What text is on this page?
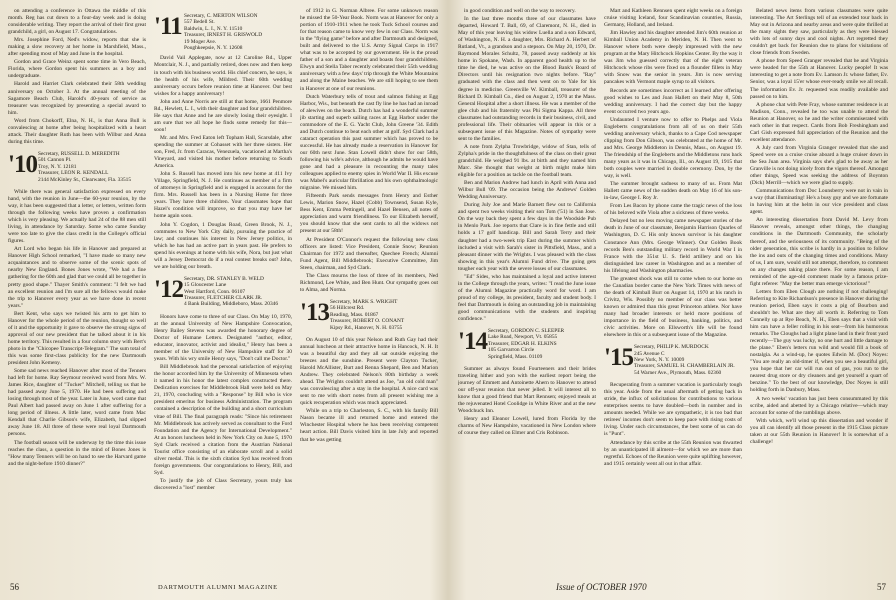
on attending a conference in Ottawa the middle of this month. Reg has cut down to a four-day week and is doing considerable writing. They report the arrival of their first great grandchild, a girl, on August 17. Congratulations.

Mrs. Josephine Ford, Ned's widow, reports that she is making a slow recovery at her home in Marshfield, Mass., after spending most of May and June in the hospital.

Gordon and Grace Weinz spent some time in Vero Beach, Florida, where Gordon spent his summers as a boy and undergraduate.

Harold and Harriet Clark celebrated their 58th wedding anniversary on October 3. At the annual meeting of the Sagamore Beach Club, Harold's 40-years of service as treasurer was recognized by presenting a special award to him.

Word from Chokorff, Elna, N. H., is that Anna Bull is convalescing at home after being hospitalized with a heart attack. Their daughter Ruth has been with Wilbur and Anna during this time.

'10 Secretary, RUSSELL D. MEREDITH
501 Cannon Pl.
Troy, N. Y. 12181
Treasurer, LEON R. KENDALL
2144 McKinley St., Clearwater, Fla. 33515

While there was general satisfaction expressed on every hand, with the reunion in June—the 60-year reunion, by the way, it has been suggested that a letter, or letters, written form through the following weeks have proven a confirmation which is very pleasing. We actually had 24 of the 88 men still living, in attendance by Saturday. Some who came Sunday were too late to give the class credit in the College's official figures.

Art Lord who began his life in Hanover and prepared at Hanover High School remarked, "I have made so many new acquaintances and to observe some of the scenic spots of nearby New England. Bones Jones wrote, "We had a fine gathering for the 60th and glad that we could all be together in pretty good shape." Thayer Smith's comment: "I felt we had an excellent reunion and I'm sure all the fellows would make the trip to Hanover every year as we have done in recent years."

Bert Kent, who says we twisted his arm to get him to Hanover for the whole period of the reunion, thought so well of it and the opportunity it gave to observe the strong signs of approval of our new president that he talked about it in his home territory. This resulted in a four column story with Bert's photo in the "Chicopee Transcript-Telegram." The sum total of this was some first-class publicity for the new Dartmouth president John Kemeny.

Some sad news reached Hanover after most of the Tenners had left for home. Ray Seymour received word from Mrs. W. James Rice, daughter of "Tucker" Mitchell, telling us that he had passed away June 5, 1970. He had been suffering and losing through most of the year. Later in June, word came that Paul Albert had passed away on June 1 after suffering for a long period of illness. A little later, word came from Mac Kendall that Charlie Gibson's wife, Elizabeth, had slipped away June 18. All three of these were real loyal Dartmouth persons.

The football season will be underway by the time this issue reaches the class, a question in the mind of Bones Jones is "How many Tenners will be on hand to see the Harvard game and the night-before 1910 dinner?"

'11 Secretary, C. MERTON WILSON
557 Bedell St.
Baldwin, L. I., N. Y. 11510
Treasurer, IRNEST H. GRISWOLD
19 Moger Ave.
Poughkeepsie, N. Y. 12608

David Vail Applegate, now at 12 Caroline Rd., Upper Montclair, N. J., and partially retired, does now and then keep in touch with his business world. His chief concern, he says, is the health of his wife, Mildred. Their 60th wedding anniversary occurs before reunion time at Hanover. Our best wishes for a happy anniversary!

John and Anne Norris are still at that home, 1661 Penmore Rd., Hewlett, L. I., with their daughter and four grandchildren. He says that Anne and he are slowly losing their eyesight. I am sure that we all hope he finds some remedy for this—soon!

Mr. and Mrs. Fred Eaton left Topham Hall, Scarsdale, after spending the summer at Cohasset with her three sisters. Her son, Fred, Jr. from Caracas, Venezuela, vacationed at Martha's Vineyard, and visited his mother before returning to South America.

John S. Russell has moved into his new home at 411 Ivy Village, Springfield, N. J. He continues as member of a firm of attorneys in Springfield and is engaged in accounts for the firm. Mrs. Russell has been in a Nursing Home for three years. They have three children. Your classmates hope that Hazel's condition will improve, so that you may have her home again soon.

John Y. Cogdon, 1 Douglas Road, Green Brook, N. J., commutes to New York City daily, pursuing the practice of law; and continues his interest in New Jersey politics, in which he has had an active part in years past. He prefers to spend his evenings at home with his wife, Nora, but just what will a Jersey Democrat do if a real contest breaks out? John, we are holding our breath.

'12 Secretary, DR. STANLEY B. WELD
15 Gloucester Lane
West Hartford, Conn. 06107
Treasurer, FLETCHER CLARK JR.
4 Bank Building, Middleboro, Mass. 20346

Honors have come to three of our Class. On May 10, 1970, at the annual University of New Hampshire Convocation, Henry Bailey Stevens was awarded the honorary degree of Doctor of Humane Letters. Designated "author, editor, educator, innovator, activist and idealist," Henry has been a member of the University of New Hampshire staff for 30 years. With his wry smile Henry says, "Don't call me Doctor."

Bill Middlebrook had the personal satisfaction of enjoying the honor accorded him by the University of Minnesota when it named in his honor the latest complex constructed there. Dedication exercises for Middlebrook Hall were held on May 21, 1970, concluding with a "Response" by Bill who is vice president emeritus for business Administration. The program contained a description of the building and a short curriculum vitae of Bill. The final paragraph reads: "Since his retirement Mr. Middlebrook has actively served as consultant to the Ford Foundation and the Agency for International Development." At an honors luncheon held in New York City on June 5, 1970 Syd Clark received a citation from the Austrian National Tourist office consisting of an elaborate scroll and a solid silver medal. This is the sixth citation Syd has received from foreign governments. Our congratulations to Henry, Bill, and Syd.

To justify the job of Class Secretary, yours truly has discovered a "lost" member

of 1912 in G. Norman Albree. For some unknown reason he missed the 50-Year Book. Norm was at Hanover for only a portion of 1910-1911 when he took Tuck School courses and for that reason came to know very few in our Class. Norm was in the "flying game" before and after Dartmouth and designed, built and delivered to the U.S. Army Signal Corps in 1917 what was to be accepted by our government. He is the proud father of a son and a daughter and boasts four grandchildren. Elwyn and Stella Taber recently celebrated their 55th wedding anniversary with a few days' trip through the White Mountains and along the Maine beaches. We are still hoping to see them in Hanover at one of our reunions.

Dutch Waterbury tells of trout and salmon fishing at Egg Harbor, Wis., but beneath the cast fly line he has had an inroad of alewives on the beach. Dutch has had a wonderful summer jib starting and superb sailing races at Egg Harbor under the commodore of the E. G. Yacht Club, John Greene '34. Edith and Dutch continue to beat each other at golf. Syd Clark had a cataract operation this past summer which has proved to be successful. He has already made a reservation in Hanover for our 60th next June. Stan Lowell didn't show for our 58th, following his wife's advice, although he admits he would have gone and had a pleasure in recounting the many tales colleagues applied to enemy spies in World War II. His excuse was Mabel's auricular fibrillation and his own ophthalmologic migraine. We missed him.

Fifteenth Park sends messages from Henry and Esther Lewis, Marion Snow, Hazel (Cobb) Townsend, Susan Kyle, Bess Kent, Emma Pettingell, and Hazel Bensen, all notes of appreciation and warm friendliness. To our Elizabeth herself, you should know that she sent cards to all the widows not present at our 58th!

At President O'Connor's request the following new class officers are listed: Vice President, Connie Snow; Reunion Chairman for 1972 and thereafter, Quechee French; Alumni Fund Agent, Bill Middlebrook; Executive Committee, Jim Steen, chairman, and Syd Clark.

The Class mourns the loss of three of its members, Ned Richmond, Lee White, and Ben Hunt. Our sympathy goes out to Alma, and Norma.

'13 Secretary, MARK S. WRIGHT
56 Hillcrest Rd.
Reading, Mass. 01867
Treasurer, ROBERT O. CONANT
Kipsy Rd., Hanover, N. H. 03755

On August 10 of this year Nelson and Ruth Gay had their annual luncheon at their attractive home in Hancock, N. H. It was a beautiful day and they all sat outside enjoying the breezes and the sunshine. Present were Clayton Tucker, Harold McAllister, Burt and Renna Shepard, Ben and Marion Andrew. They celebrated Nelson's 80th birthday a week ahead. The Wrights couldn't attend as Joe, "an old cold man" was convalescing after a stay in the hospital. A nice card was sent to me with short notes from all present wishing me a quick recuperation which was much appreciated.

While on a trip to Charleston, S. C., with his family Bill Nason became ill and returned home and entered the Winchester Hospital where he has been receiving competent heart action. Bill Davis visited him in late July and reported that he was getting

56	DARTMOUTH ALUMNI MAGAZINE

in good condition and well on the way to recovery.

In the last three months three of our classmates have departed, Howard T. Ball, 69, of Claremont, N. H., died in May of this year leaving his widow Luella and a son Edward, of Washington, N. H. a daughter, Mrs. Richard A. Herbert of Rutland, Vt., a grandson and a stepson. On May 20, 1970, Dr. Raymond Morales Schultz, 78, passed away suddenly at his home in Spokane, Wash. In apparent good health up to the time he died, he was active on the Blood Bank's Board of Directors until his resignation two nights before. "Ray" graduated with the class and then went on to Yale for his degree in medicine. Greenville W. Kimball, treasurer of the Richard D. Kimball Co., died on August 2, 1970 at the Mass. General Hospital after a short illness. He was a member of the glee club and his fraternity was Phi Sigma Kappa. All three classmates had outstanding records in their business, civil, and professional life. Their obituaries will appear in this or a subsequent issue of this Magazine. Notes of sympathy were sent to the families.

A note from Zylpha Trowbridge, widow of Stan, tells of Zylpha's pride in the thoughtfulness of the class on their great grandchild. He weighed 91 lbs. at birth and they named him Marc. She thought that weight at birth might make him eligible for a position as tackle on the football team.

Ben and Marion Andrew had lunch in April with Anna and Wilbur Bull '09. The occasion being the Andrews' Golden Wedding Anniversary.

During July Joe and Marie Barnett flew out to California and spent two weeks visiting their son Tom ('51) in San Jose. On the way back they spent a few days in the Woodside Pub in Menlo Park. Joe reports that Clare is in fine fettle and still holds a 17 golf handicap. Bill and Sarah Terry and their daughter had a two-week trip East during the summer which included a visit with Sarah's sister in Pittsfield, Mass., and a pleasant dinner with the Wrights. I was pleased with the class showing in this year's Alumni Fund drive. The going gets tougher each year with the severe losses of our classmates.

"Ed" Sides, who has maintained a loyal and active interest in the College through the years, writes: "I read the June issue of the Alumni Magazine practically word for word. I am proud of my college, its president, faculty and student body. I feel that Dartmouth is doing an outstanding job in maintaining good communications with the students and inspiring confidence."

'14 Secretary, GORDON C. SLEEPER
Lake Road, Newport, Vt. 05855
Treasurer, EDGAR H. ELKINS
105 Garvarron Circle
Springfield, Mass. 01109

Summer as always found Fourteeners and their brides traveling hither and yon with the earliest report being the journey of Emmett and Antoinette Ahern to Hanover to attend our off-year reunion that never jelled. It will interest all to know that a good friend that Mart Rennsen; enjoyed meals at the rejuvenated Hotel Coolidge in White River and at the new Woodchuck Inn.

Henry and Eleanor Lowell, lured from Florida by the charms of New Hampshire, vacationed in New London where of course they called on Elmer and Cris Robinson.

Mart and Kathleen Rennsen spent eight weeks on a foreign cruise visiting Iceland, four Scandinavian countries, Russia, Germany, Holland, and Ireland.

Jim Hawley and his daughter attended Jim's 60th reunion at Kimball Union Academy in Meriden, N. H. Then went to Hanover where both were deeply impressed with the new program at the Mary Hitchcock Hopkins Center. By the way it was Jim who guessed correctly that of the eight veteran Hitchcock whose ribs were fixed on a flounder fillets in May with Snow was the senior in years. Jim is now serving pancakes with Vermont maple syrup to all visitors.

Records are sometimes incorrect as I learned after offering good wishes to Les and Joan Hallett on their May 8, 50th wedding anniversary. I had the correct day but the happy event occurred two years ago.

Undaunted I venture now to offer to Phelps and Viola Engleberts congratulations from all of us on their 55th wedding anniversary which, thanks to a Cape Cod newspaper clipping from Don Gibson, was celebrated at the home of Mr. and Mrs. George Middleton in Dennis, Mass., on August 19. The friendship of the Engleberts and the Middletons runs back many years as it was in Chicago, Ill., on August 19, 1915 that both couples were married in double ceremony. Don, by the way, is well.

The summer brought sadness to many of us. From Mat Hallett came news of the sudden death on May 16 of his son-in-law, George I. Roy Jr.

From Les Bacon by phone came the tragic news of the loss of his beloved wife Viola after a sickness of three weeks.

Delayed but no less moving came newspaper stories of the death in June of our classmate, Benjamin Harrison Quarles of Washington, D. C. His only known survivor is his daughter Constance Ann (Mrs. George Winner). Our Golden Book records Ben's outstanding military record in World War I in France with the 351st U. S. field artillery and on his distinguished law career in Washington and as a member of his lifelong and Washington pharmacies.

The greatest shock was still to come when to our home on the Canadian border came the New York Times with news of the death of Kimball Burr on August 14, 1970 at his ranch in Crivitz, Wis. Possibly no member of our class was better known or admired than this great Princeton athlete. Nor have many had broader interests or held more positions of importance in the field of business, banking, politics, and civic activities. More on Ellsworth's life will be found elsewhere in this or a subsequent issue of the Magazine.

'15 Secretary, PHILIP K. MURDOCK
245 Avenue C
New York, N. Y. 10009
Treasurer, SAMUEL H. CHAMBERLAIN JR.
54 Warner Ave., Plymouth, Mass. 02360

Recuperating from a summer vacation is particularly tough this year. Aside from the usual aftermath of getting back in stride, the influx of solicitations for contributions to various enterprises seems to have doubled—both in number and in amounts needed. While we are sympathetic, it is too bad that retirees' incomes don't seem to keep pace with rising costs of living. Under such circumstances, the best some of us can do is "Punt".

Attendance by this scribe at the 55th Reunion was thwarted by an unanticipated ill ailment—for which we are more than regretful. Echoes of the Reunion were quite uplifting however, and 1915 certainly went all out in that affair.

Belated news items from various classmates were quite interesting. The Art Sterlings tell of an extended tour back in May out in Arizona and nearby areas and were quite thrilled at the many sights they saw, particularly as they were blessed with lots of sunny days and cool nights. Art regretted they couldn't get back for Reunion due to plans for visitations of close friends from Sweden.

A phone from Speed Granger revealed that he and Virginia were headed for the 55th at Hanover. Lucky people! It was interesting to get a note from Ev. Lamson Jr. whose father, Ev. Senior, was a loyal 15'er whose ever-ready smile we all recall. The information Ev. Jr. requested was readily available and passed on to him.

A phone chat with Pete Fray, whose summer residence is at Madison, Conn., revealed he too was unable to attend the Reunion at Hanover, so he and the writer commiserated with each other in that respect. Cards from Bob Freshingham and Carl Gish expressed full appreciation of the Reunion and the excellent attendance.

A July card from Virginia Granger revealed that she and Speed were on a cruise cruise aboard a huge cruiser down in the Sea Juan area. Virginia says she's glad to be away as her Granville is not doing nicely from the vigors thereof. Amongst other things, Speed was seeking the address of Boynton (Dick) Merrill—which we were glad to supply.

Communications from Doc Lounsberry were not in vain in a way (that illuminating! He's a busy guy and we are fortunate in having him at the helm in our vice president and class agent.

An interesting dissertation from David M. Levy from Hanover reveals, amongst other things, the changing conditions in the Dartmouth Community, the scholarly thereof, and the seriousness of its community. "Being of the older generation, this scribe is hardly in a position to follow the ins and outs of the changing times and conditions. Many of us, I am sure, would still not attempt, therefore, to comment on any changes taking place there. For some reason, I am reminded of the age-old comment made by a famous prize-fight referee: "May the better man emerge victorious!"

Letters from Eben Clough are nothing if not challenging! Referring to Kite Richardson's presence in Hanover during the reunion period, Eben says it costs a pig of Bourbon and shouldn't be. What are they all worth it. Referring to Tom Connelly up at Rye Beach, N. H., Eben says that a visit with him can have a feller rolling in his seat—from his humorous remarks. The Cloughs had a light plane land in their front yard recently—The guy was lucky, no one hurt and little damage to the plane." Eben's letters run wild and would fill a book of nostalgia. As a wind-up, he quotes Edwin M. (Doc) Noyes: "You are really an old-timer if, when you see a beautiful girl, you hope that her car will run out of gas, you run to the nearest drug store or dry cleaners and get yourself a quart of benzine." To the best of our knowledge, Doc Noyes is still holding forth in Danbury, Mass.

A two weeks' vacation has just been consummated by this scribe, aided and abetted by a Chicago relative—which may account for some of the ramblings above.

With which, we'll wind up this dissertation and wonder if you all can identify all those present in the 1915 Class picture taken at our 55th Reunion in Hanover! It is somewhat of a challenge!

Issue of OCTOBER 1970	57
